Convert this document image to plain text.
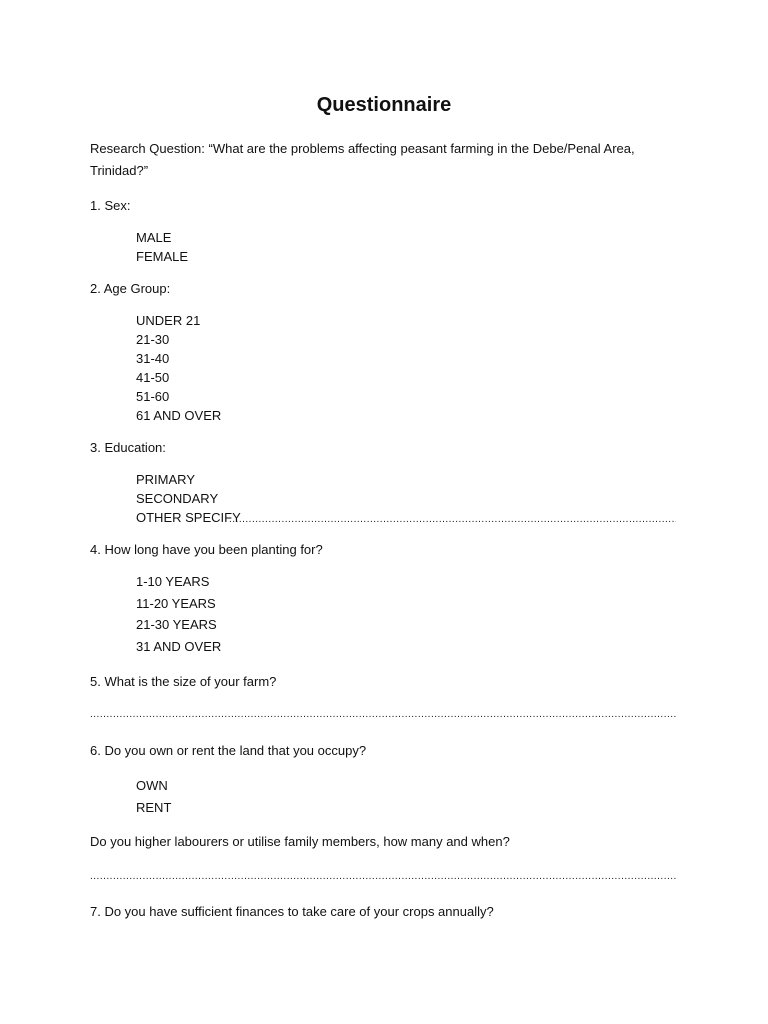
Questionnaire
Research Question: “What are the problems affecting peasant farming in the Debe/Penal Area,
Trinidad?”
1. Sex:
MALE
FEMALE
2. Age Group:
UNDER 21
21-30
31-40
41-50
51-60
61 AND OVER
3. Education:
PRIMARY
SECONDARY
OTHER SPECIFY
.....
4. How long have you been planting for?
1-10 YEARS
11-20 YEARS
21-30 YEARS
31 AND OVER
5. What is the size of your farm?
.....
6. Do you own or rent the land that you occupy?
OWN
RENT
Do you higher labourers or utilise family members, how many and when?
.....
7. Do you have sufficient finances to take care of your crops annually?
